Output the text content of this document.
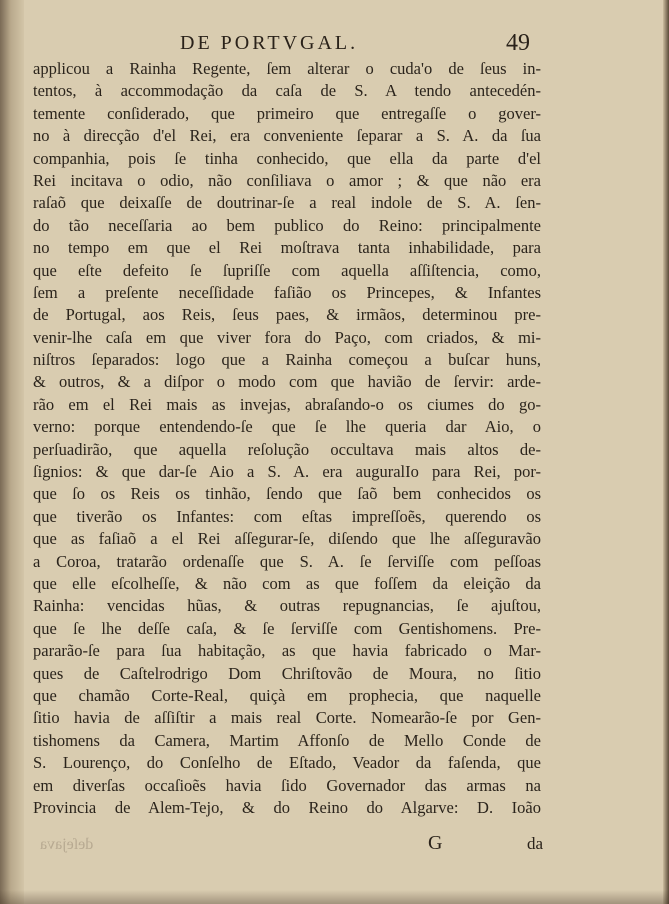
DE PORTVGAL.	49
applicou a Rainha Regente, ſem alterar o cuda'o de ſeus in-
tentos, à accommodação da caſa de S. A tendo antecedén-
temente conſiderado, que primeiro que entregaſſe o gover-
no à direcção d'el Rei, era conveniente ſeparar a S. A. da ſua
companhia, pois ſe tinha conhecido, que ella da parte d'el
Rei incitava o odio, não conſiliava o amor ; & que não era
raſaõ que deixaſſe de doutrinar-ſe a real indole de S. A. ſen-
do tão neceſſaria ao bem publico do Reino: principalmente
no tempo em que el Rei moſtrava tanta inhabilidade, para
que eſte defeito ſe ſupriſſe com aquella aſſiſtencia, como,
ſem a preſente neceſſidade faſião os Princepes, & Infantes
de Portugal, aos Reis, ſeus paes, & irmãos, determinou pre-
venir-lhe caſa em que viver fora do Paço, com criados, & mi-
niſtros ſeparados: logo que a Rainha começou a buſcar huns,
& outros, & a diſpor o modo com que havião de ſervir: arde-
rão em el Rei mais as invejas, abraſando-o os ciumes do go-
verno: porque entendendo-ſe que ſe lhe queria dar Aio, o
perſuadirão, que aquella reſolução occultava mais altos de-
ſignios: & que dar-ſe Aio a S. A. era auguralIo para Rei, por-
que ſo os Reis os tinhão, ſendo que ſaõ bem conhecidos os
que tiverão os Infantes: com eſtas impreſſoẽs, querendo os
que as faſiaõ a el Rei aſſegurar-ſe, diſendo que lhe aſſeguravão
a Coroa, tratarão ordenaſſe que S. A. ſe ſerviſſe com peſſoas
que elle eſcolheſſe, & não com as que foſſem da eleição da
Rainha: vencidas hũas, & outras repugnancias, ſe ajuſtou,
que ſe lhe deſſe caſa, & ſe ſerviſſe com Gentishomens. Pre-
pararão-ſe para ſua habitação, as que havia fabricado o Mar-
ques de Caſtelrodrigo Dom Chriſtovão de Moura, no ſitio
que chamão Corte-Real, quiçà em prophecia, que naquelle
ſitio havia de aſſiſtir a mais real Corte. Nomearão-ſe por Gen-
tishomens da Camera, Martim Affonſo de Mello Conde de
S. Lourenço, do Conſelho de Eſtado, Veador da faſenda, que
em diverſas occaſioẽs havia ſido Governador das armas na
Provincia de Alem-Tejo, & do Reino do Algarve: D. Ioão
deſejava	G	da
